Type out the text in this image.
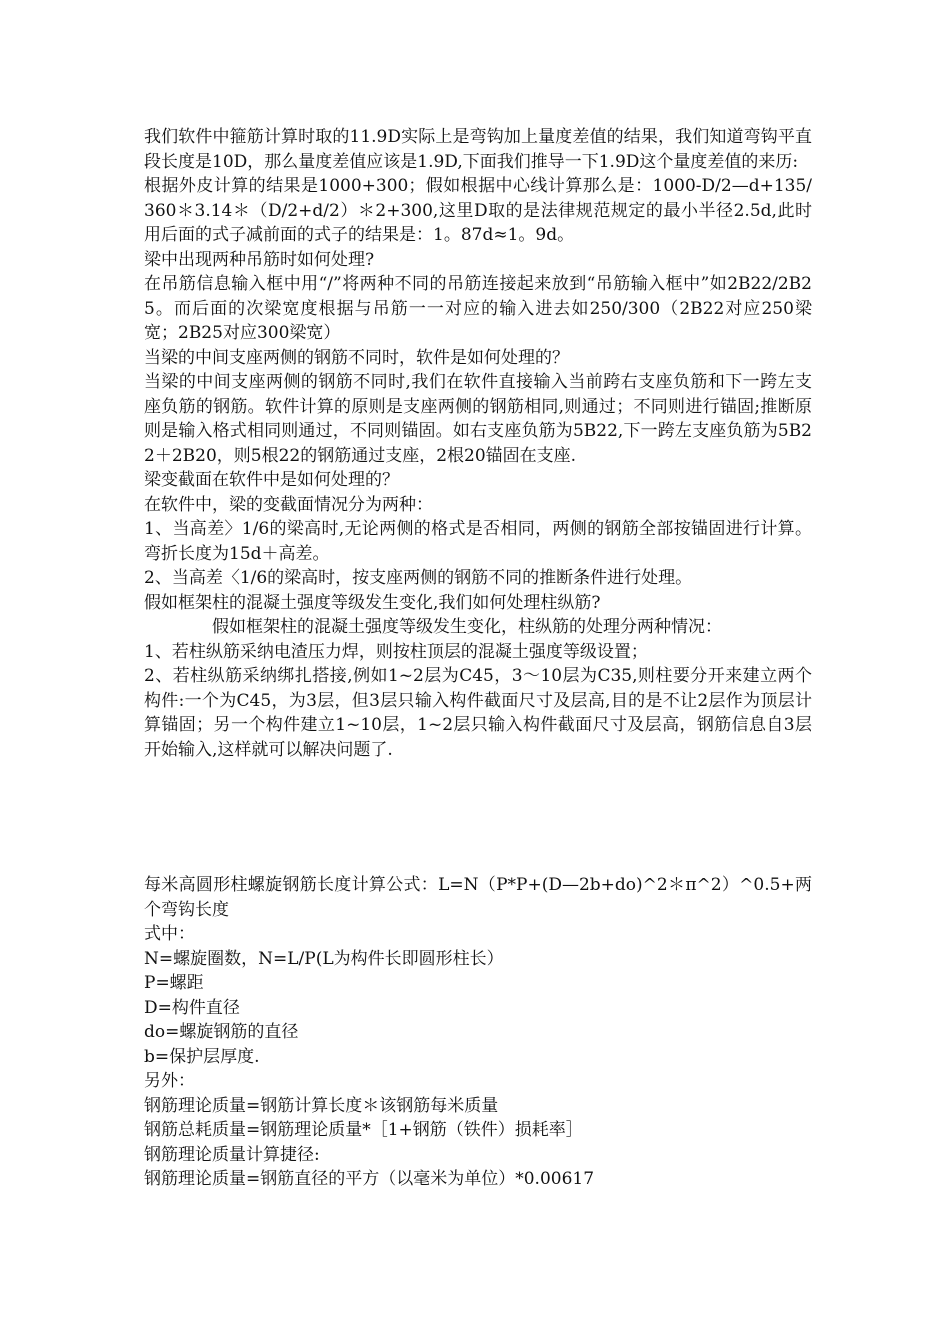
我们软件中箍筋计算时取的11.9D实际上是弯钩加上量度差值的结果，我们知道弯钩平直段长度是10D，那么量度差值应该是1.9D,下面我们推导一下1.9D这个量度差值的来历:

根据外皮计算的结果是1000+300；假如根据中心线计算那么是：1000-D/2—d+135/360＊3.14＊（D/2+d/2）＊2+300,这里D取的是法律规范规定的最小半径2.5d,此时用后面的式子减前面的式子的结果是：1。87d≈1。9d。

梁中出现两种吊筋时如何处理?

在吊筋信息输入框中用“/”将两种不同的吊筋连接起来放到“吊筋输入框中”如2B22/2B25。而后面的次梁宽度根据与吊筋一一对应的输入进去如250/300（2B22对应250梁宽；2B25对应300梁宽）

当梁的中间支座两侧的钢筋不同时，软件是如何处理的？

当梁的中间支座两侧的钢筋不同时,我们在软件直接输入当前跨右支座负筋和下一跨左支座负筋的钢筋。软件计算的原则是支座两侧的钢筋相同,则通过；不同则进行锚固;推断原则是输入格式相同则通过，不同则锚固。如右支座负筋为5B22,下一跨左支座负筋为5B22＋2B20，则5根22的钢筋通过支座，2根20锚固在支座.

梁变截面在软件中是如何处理的？

在软件中，梁的变截面情况分为两种：

1、当高差〉1/6的梁高时,无论两侧的格式是否相同，两侧的钢筋全部按锚固进行计算。弯折长度为15d＋高差。

2、当高差〈1/6的梁高时，按支座两侧的钢筋不同的推断条件进行处理。

假如框架柱的混凝土强度等级发生变化,我们如何处理柱纵筋?

假如框架柱的混凝土强度等级发生变化，柱纵筋的处理分两种情况：

1、若柱纵筋采纳电渣压力焊，则按柱顶层的混凝土强度等级设置；

2、若柱纵筋采纳绑扎搭接,例如1~2层为C45，3～10层为C35,则柱要分开来建立两个构件:一个为C45，为3层，但3层只输入构件截面尺寸及层高,目的是不让2层作为顶层计算锚固；另一个构件建立1~10层，1~2层只输入构件截面尺寸及层高，钢筋信息自3层开始输入,这样就可以解决问题了.

每米高圆形柱螺旋钢筋长度计算公式：L=N（P*P+(D—2b+do)^2＊π^2）^0.5+两个弯钩长度

式中：

N=螺旋圈数，N=L/P(L为构件长即圆形柱长）

P=螺距

D=构件直径

do=螺旋钢筋的直径

b=保护层厚度.

另外：

钢筋理论质量=钢筋计算长度＊该钢筋每米质量

钢筋总耗质量=钢筋理论质量*［1+钢筋（铁件）损耗率］

钢筋理论质量计算捷径:

钢筋理论质量=钢筋直径的平方（以毫米为单位）*0.00617
